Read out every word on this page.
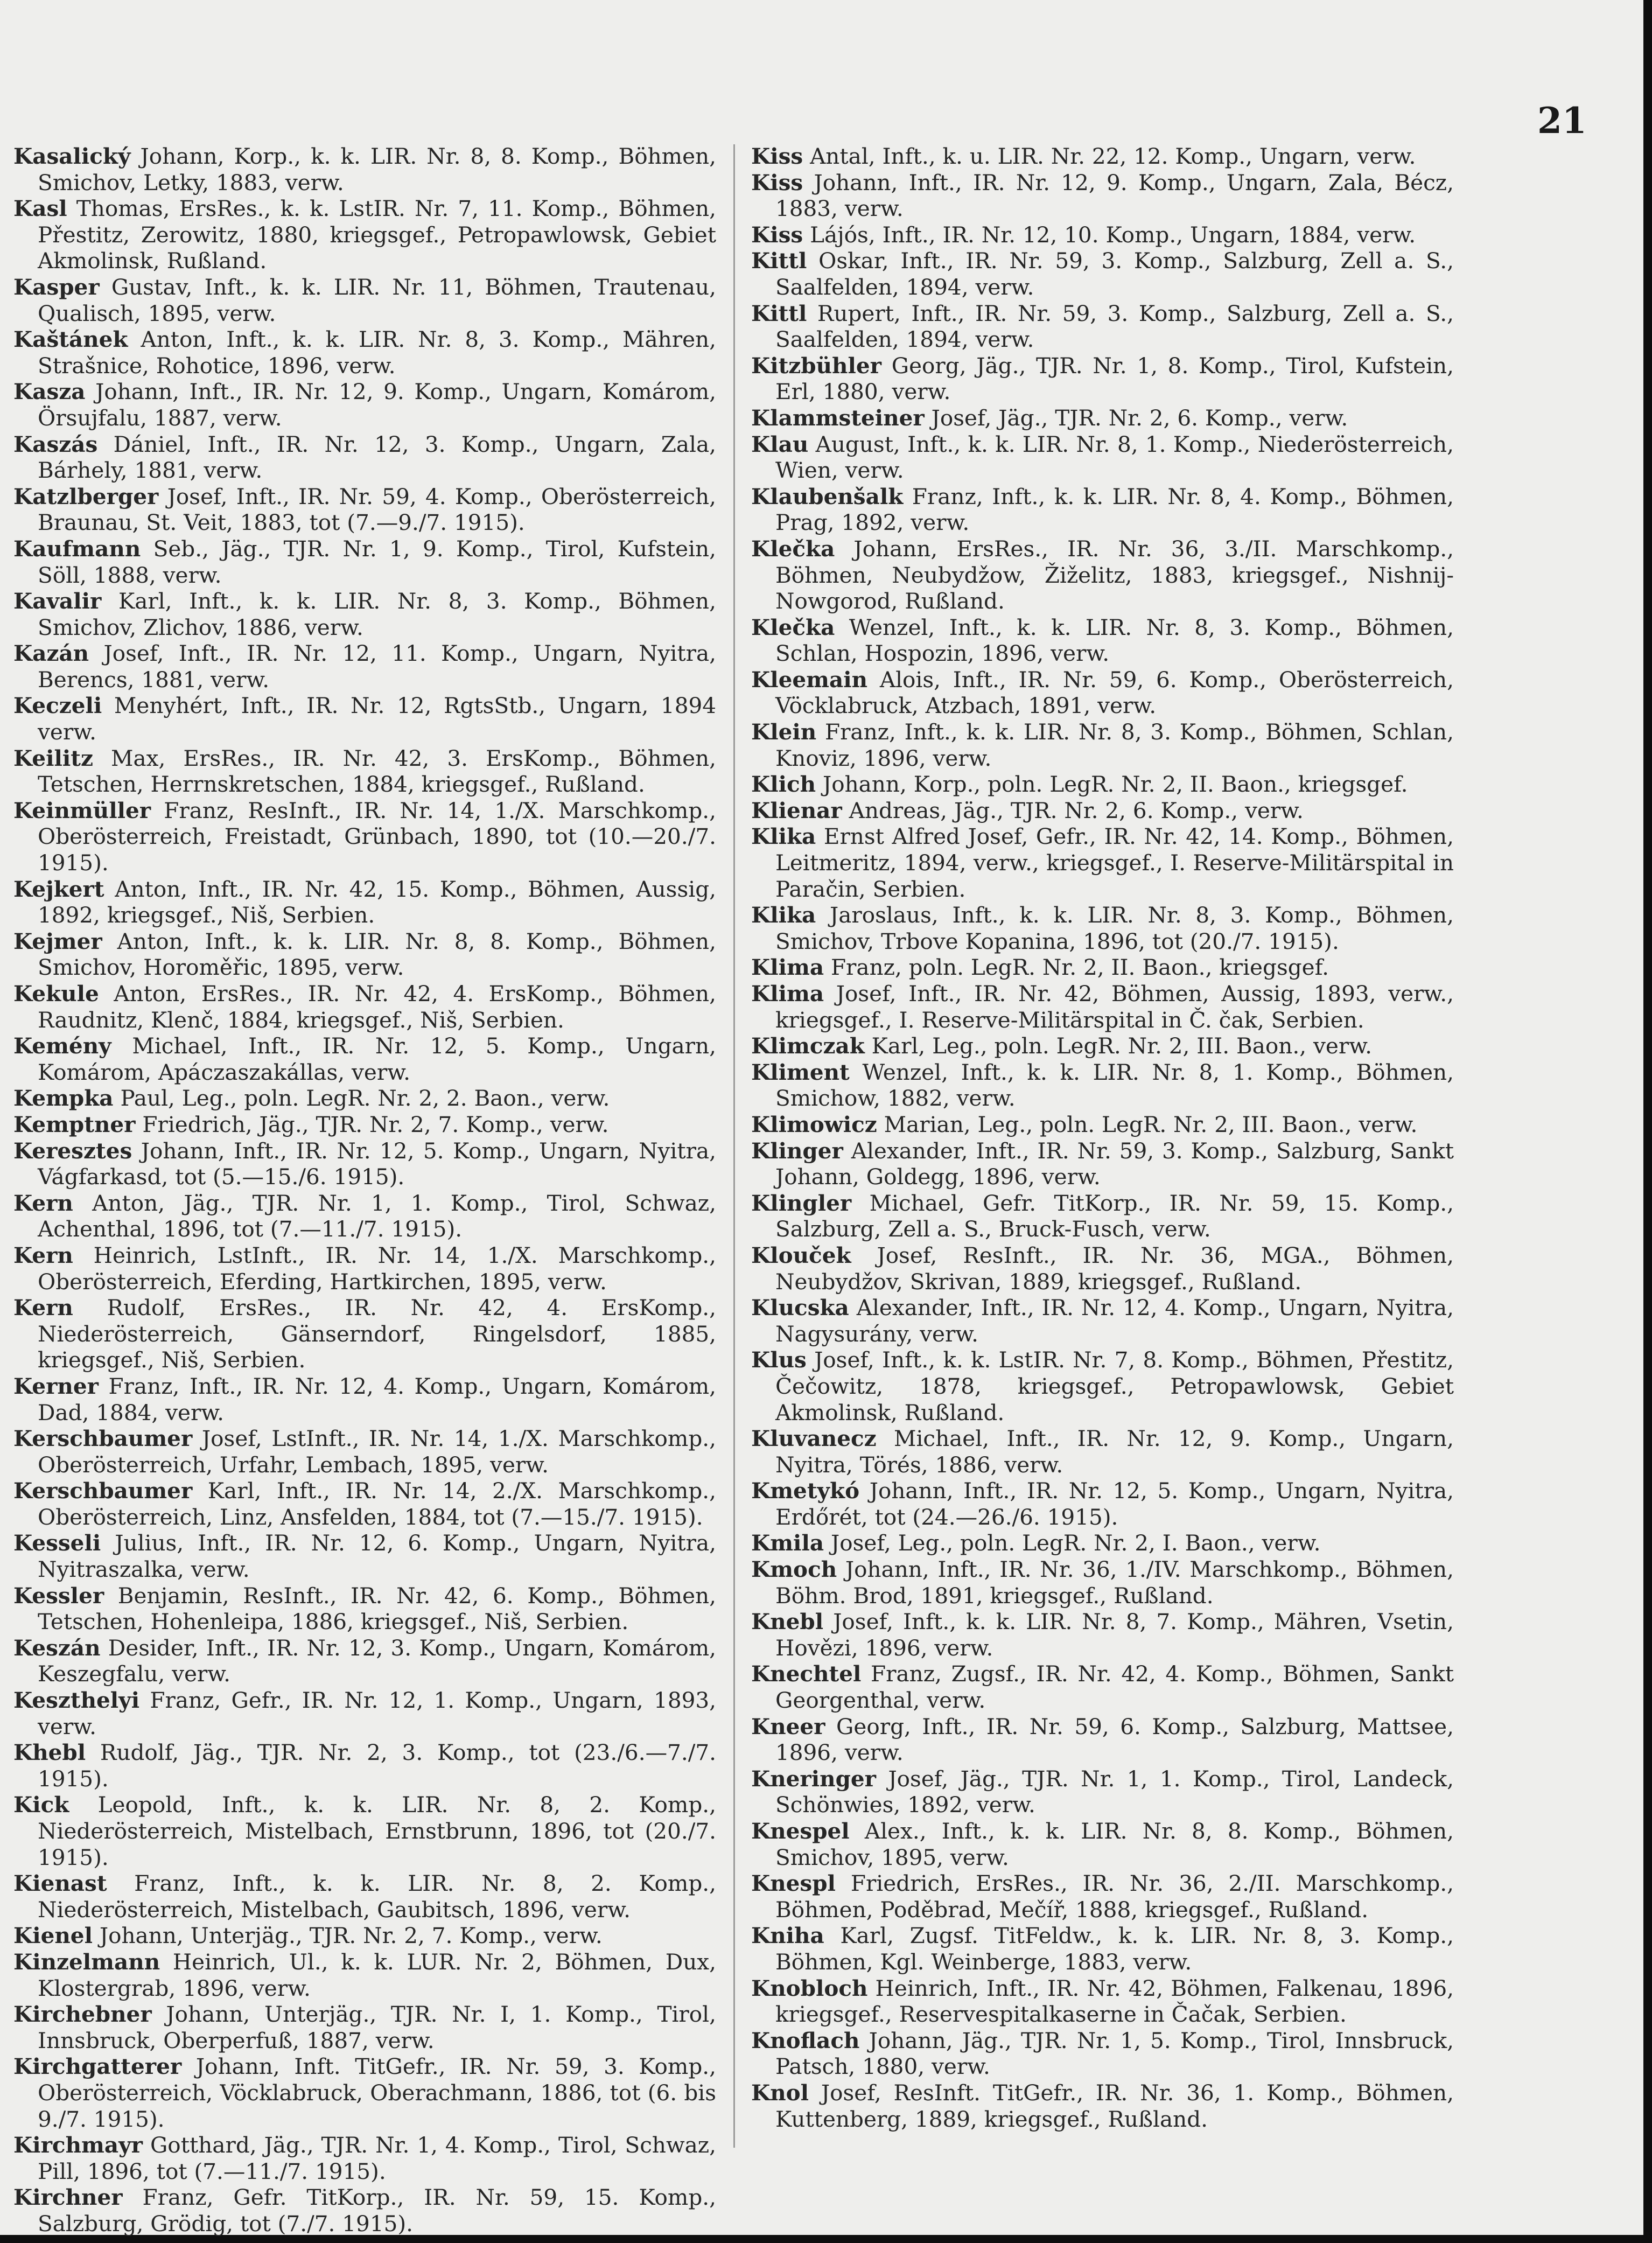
21

Kasalický Johann, Korp., k. k. LIR. Nr. 8, 8. Komp., Böhmen, Smichov, Letky, 1883, verw.

Kasl Thomas, ErsRes., k. k. LstIR. Nr. 7, 11. Komp., Böhmen, Přestitz, Zerowitz, 1880, kriegsgef., Petropawlowsk, Gebiet Akmolinsk, Rußland.

Kasper Gustav, Inft., k. k. LIR. Nr. 11, Böhmen, Trautenau, Qualisch, 1895, verw.

Kaštánek Anton, Inft., k. k. LIR. Nr. 8, 3. Komp., Mähren, Strašnice, Rohotice, 1896, verw.

Kasza Johann, Inft., IR. Nr. 12, 9. Komp., Ungarn, Komárom, Örsujfalu, 1887, verw.

Kaszás Dániel, Inft., IR. Nr. 12, 3. Komp., Ungarn, Zala, Bárhely, 1881, verw.

Katzlberger Josef, Inft., IR. Nr. 59, 4. Komp., Oberösterreich, Braunau, St. Veit, 1883, tot (7.—9./7. 1915).

Kaufmann Seb., Jäg., TJR. Nr. 1, 9. Komp., Tirol, Kufstein, Söll, 1888, verw.

Kavalir Karl, Inft., k. k. LIR. Nr. 8, 3. Komp., Böhmen, Smichov, Zlichov, 1886, verw.

Kazán Josef, Inft., IR. Nr. 12, 11. Komp., Ungarn, Nyitra, Berencs, 1881, verw.

Keczeli Menyhért, Inft., IR. Nr. 12, RgtsStb., Ungarn, 1894 verw.

Keilitz Max, ErsRes., IR. Nr. 42, 3. ErsKomp., Böhmen, Tetschen, Herrnskretschen, 1884, kriegsgef., Rußland.

Keinmüller Franz, ResInft., IR. Nr. 14, 1./X. Marschkomp., Oberösterreich, Freistadt, Grünbach, 1890, tot (10.—20./7. 1915).

Kejkert Anton, Inft., IR. Nr. 42, 15. Komp., Böhmen, Aussig, 1892, kriegsgef., Niš, Serbien.

Kejmer Anton, Inft., k. k. LIR. Nr. 8, 8. Komp., Böhmen, Smichov, Horoměřic, 1895, verw.

Kekule Anton, ErsRes., IR. Nr. 42, 4. ErsKomp., Böhmen, Raudnitz, Klenč, 1884, kriegsgef., Niš, Serbien.

Kemény Michael, Inft., IR. Nr. 12, 5. Komp., Ungarn, Komárom, Apáczaszakállas, verw.

Kempka Paul, Leg., poln. LegR. Nr. 2, 2. Baon., verw.

Kemptner Friedrich, Jäg., TJR. Nr. 2, 7. Komp., verw.

Keresztes Johann, Inft., IR. Nr. 12, 5. Komp., Ungarn, Nyitra, Vágfarkasd, tot (5.—15./6. 1915).

Kern Anton, Jäg., TJR. Nr. 1, 1. Komp., Tirol, Schwaz, Achenthal, 1896, tot (7.—11./7. 1915).

Kern Heinrich, LstInft., IR. Nr. 14, 1./X. Marschkomp., Oberösterreich, Eferding, Hartkirchen, 1895, verw.

Kern Rudolf, ErsRes., IR. Nr. 42, 4. ErsKomp., Niederösterreich, Gänserndorf, Ringelsdorf, 1885, kriegsgef., Niš, Serbien.

Kerner Franz, Inft., IR. Nr. 12, 4. Komp., Ungarn, Komárom, Dad, 1884, verw.

Kerschbaumer Josef, LstInft., IR. Nr. 14, 1./X. Marschkomp., Oberösterreich, Urfahr, Lembach, 1895, verw.

Kerschbaumer Karl, Inft., IR. Nr. 14, 2./X. Marschkomp., Oberösterreich, Linz, Ansfelden, 1884, tot (7.—15./7. 1915).

Kesseli Julius, Inft., IR. Nr. 12, 6. Komp., Ungarn, Nyitra, Nyitraszalka, verw.

Kessler Benjamin, ResInft., IR. Nr. 42, 6. Komp., Böhmen, Tetschen, Hohenleipa, 1886, kriegsgef., Niš, Serbien.

Keszán Desider, Inft., IR. Nr. 12, 3. Komp., Ungarn, Komárom, Keszegfalu, verw.

Keszthelyi Franz, Gefr., IR. Nr. 12, 1. Komp., Ungarn, 1893, verw.

Khebl Rudolf, Jäg., TJR. Nr. 2, 3. Komp., tot (23./6.—7./7. 1915).

Kick Leopold, Inft., k. k. LIR. Nr. 8, 2. Komp., Niederösterreich, Mistelbach, Ernstbrunn, 1896, tot (20./7. 1915).

Kienast Franz, Inft., k. k. LIR. Nr. 8, 2. Komp., Niederösterreich, Mistelbach, Gaubitsch, 1896, verw.

Kienel Johann, Unterjäg., TJR. Nr. 2, 7. Komp., verw.

Kinzelmann Heinrich, Ul., k. k. LUR. Nr. 2, Böhmen, Dux, Klostergrab, 1896, verw.

Kirchebner Johann, Unterjäg., TJR. Nr. I, 1. Komp., Tirol, Innsbruck, Oberperfuß, 1887, verw.

Kirchgatterer Johann, Inft. TitGefr., IR. Nr. 59, 3. Komp., Oberösterreich, Vöcklabruck, Oberachmann, 1886, tot (6. bis 9./7. 1915).

Kirchmayr Gotthard, Jäg., TJR. Nr. 1, 4. Komp., Tirol, Schwaz, Pill, 1896, tot (7.—11./7. 1915).

Kirchner Franz, Gefr. TitKorp., IR. Nr. 59, 15. Komp., Salzburg, Grödig, tot (7./7. 1915).

Kiss Antal, Inft., k. u. LIR. Nr. 22, 12. Komp., Ungarn, verw.

Kiss Johann, Inft., IR. Nr. 12, 9. Komp., Ungarn, Zala, Bécz, 1883, verw.

Kiss Lájós, Inft., IR. Nr. 12, 10. Komp., Ungarn, 1884, verw.

Kittl Oskar, Inft., IR. Nr. 59, 3. Komp., Salzburg, Zell a. S., Saalfelden, 1894, verw.

Kittl Rupert, Inft., IR. Nr. 59, 3. Komp., Salzburg, Zell a. S., Saalfelden, 1894, verw.

Kitzbühler Georg, Jäg., TJR. Nr. 1, 8. Komp., Tirol, Kufstein, Erl, 1880, verw.

Klammsteiner Josef, Jäg., TJR. Nr. 2, 6. Komp., verw.

Klau August, Inft., k. k. LIR. Nr. 8, 1. Komp., Niederösterreich, Wien, verw.

Klaubenšalk Franz, Inft., k. k. LIR. Nr. 8, 4. Komp., Böhmen, Prag, 1892, verw.

Klečka Johann, ErsRes., IR. Nr. 36, 3./II. Marschkomp., Böhmen, Neubydžow, Žiželitz, 1883, kriegsgef., Nishnij-Nowgorod, Rußland.

Klečka Wenzel, Inft., k. k. LIR. Nr. 8, 3. Komp., Böhmen, Schlan, Hospozin, 1896, verw.

Kleemain Alois, Inft., IR. Nr. 59, 6. Komp., Oberösterreich, Vöcklabruck, Atzbach, 1891, verw.

Klein Franz, Inft., k. k. LIR. Nr. 8, 3. Komp., Böhmen, Schlan, Knoviz, 1896, verw.

Klich Johann, Korp., poln. LegR. Nr. 2, II. Baon., kriegsgef.

Klienar Andreas, Jäg., TJR. Nr. 2, 6. Komp., verw.

Klika Ernst Alfred Josef, Gefr., IR. Nr. 42, 14. Komp., Böhmen, Leitmeritz, 1894, verw., kriegsgef., I. Reserve-Militärspital in Paračin, Serbien.

Klika Jaroslaus, Inft., k. k. LIR. Nr. 8, 3. Komp., Böhmen, Smichov, Trbove Kopanina, 1896, tot (20./7. 1915).

Klima Franz, poln. LegR. Nr. 2, II. Baon., kriegsgef.

Klima Josef, Inft., IR. Nr. 42, Böhmen, Aussig, 1893, verw., kriegsgef., I. Reserve-Militärspital in Č. čak, Serbien.

Klimczak Karl, Leg., poln. LegR. Nr. 2, III. Baon., verw.

Kliment Wenzel, Inft., k. k. LIR. Nr. 8, 1. Komp., Böhmen, Smichow, 1882, verw.

Klimowicz Marian, Leg., poln. LegR. Nr. 2, III. Baon., verw.

Klinger Alexander, Inft., IR. Nr. 59, 3. Komp., Salzburg, Sankt Johann, Goldegg, 1896, verw.

Klingler Michael, Gefr. TitKorp., IR. Nr. 59, 15. Komp., Salzburg, Zell a. S., Bruck-Fusch, verw.

Klouček Josef, ResInft., IR. Nr. 36, MGA., Böhmen, Neubydžov, Skrivan, 1889, kriegsgef., Rußland.

Klucska Alexander, Inft., IR. Nr. 12, 4. Komp., Ungarn, Nyitra, Nagysurány, verw.

Klus Josef, Inft., k. k. LstIR. Nr. 7, 8. Komp., Böhmen, Přestitz, Čečowitz, 1878, kriegsgef., Petropawlowsk, Gebiet Akmolinsk, Rußland.

Kluvanecz Michael, Inft., IR. Nr. 12, 9. Komp., Ungarn, Nyitra, Törés, 1886, verw.

Kmetykó Johann, Inft., IR. Nr. 12, 5. Komp., Ungarn, Nyitra, Erdőrét, tot (24.—26./6. 1915).

Kmila Josef, Leg., poln. LegR. Nr. 2, I. Baon., verw.

Kmoch Johann, Inft., IR. Nr. 36, 1./IV. Marschkomp., Böhmen, Böhm. Brod, 1891, kriegsgef., Rußland.

Knebl Josef, Inft., k. k. LIR. Nr. 8, 7. Komp., Mähren, Vsetin, Hovězi, 1896, verw.

Knechtel Franz, Zugsf., IR. Nr. 42, 4. Komp., Böhmen, Sankt Georgenthal, verw.

Kneer Georg, Inft., IR. Nr. 59, 6. Komp., Salzburg, Mattsee, 1896, verw.

Kneringer Josef, Jäg., TJR. Nr. 1, 1. Komp., Tirol, Landeck, Schönwies, 1892, verw.

Knespel Alex., Inft., k. k. LIR. Nr. 8, 8. Komp., Böhmen, Smichov, 1895, verw.

Knespl Friedrich, ErsRes., IR. Nr. 36, 2./II. Marschkomp., Böhmen, Poděbrad, Mečíř, 1888, kriegsgef., Rußland.

Kniha Karl, Zugsf. TitFeldw., k. k. LIR. Nr. 8, 3. Komp., Böhmen, Kgl. Weinberge, 1883, verw.

Knobloch Heinrich, Inft., IR. Nr. 42, Böhmen, Falkenau, 1896, kriegsgef., Reservespitalkaserne in Čačak, Serbien.

Knoflach Johann, Jäg., TJR. Nr. 1, 5. Komp., Tirol, Innsbruck, Patsch, 1880, verw.

Knol Josef, ResInft. TitGefr., IR. Nr. 36, 1. Komp., Böhmen, Kuttenberg, 1889, kriegsgef., Rußland.
